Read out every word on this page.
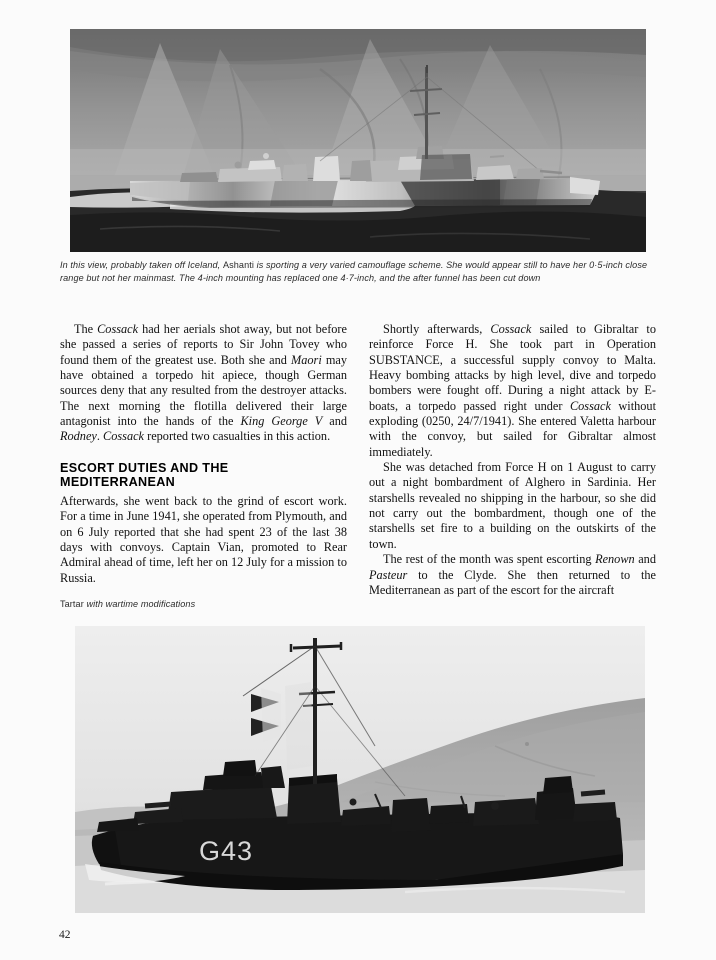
In this view, probably taken off Iceland, Ashanti is sporting a very varied camouflage scheme. She would appear still to have her 0·5-inch close range but not her mainmast. The 4-inch mounting has replaced one 4·7-inch, and the after funnel has been cut down

The Cossack had her aerials shot away, but not before she passed a series of reports to Sir John Tovey who found them of the greatest use. Both she and Maori may have obtained a torpedo hit apiece, though German sources deny that any resulted from the destroyer attacks. The next morning the flotilla delivered their large antagonist into the hands of the King George V and Rodney. Cossack reported two casualties in this action.

ESCORT DUTIES AND THE
MEDITERRANEAN

Afterwards, she went back to the grind of escort work. For a time in June 1941, she operated from Plymouth, and on 6 July reported that she had spent 23 of the last 38 days with convoys. Captain Vian, promoted to Rear Admiral ahead of time, left her on 12 July for a mission to Russia.

Shortly afterwards, Cossack sailed to Gibraltar to reinforce Force H. She took part in Operation SUBSTANCE, a successful supply convoy to Malta. Heavy bombing attacks by high level, dive and torpedo bombers were fought off. During a night attack by E-boats, a torpedo passed right under Cossack without exploding (0250, 24/7/1941). She entered Valetta harbour with the convoy, but sailed for Gibraltar almost immediately.

She was detached from Force H on 1 August to carry out a night bombardment of Alghero in Sardinia. Her starshells revealed no shipping in the harbour, so she did not carry out the bombardment, though one of the starshells set fire to a building on the outskirts of the town.

The rest of the month was spent escorting Renown and Pasteur to the Clyde. She then returned to the Mediterranean as part of the escort for the aircraft

Tartar with wartime modifications
G43
42
